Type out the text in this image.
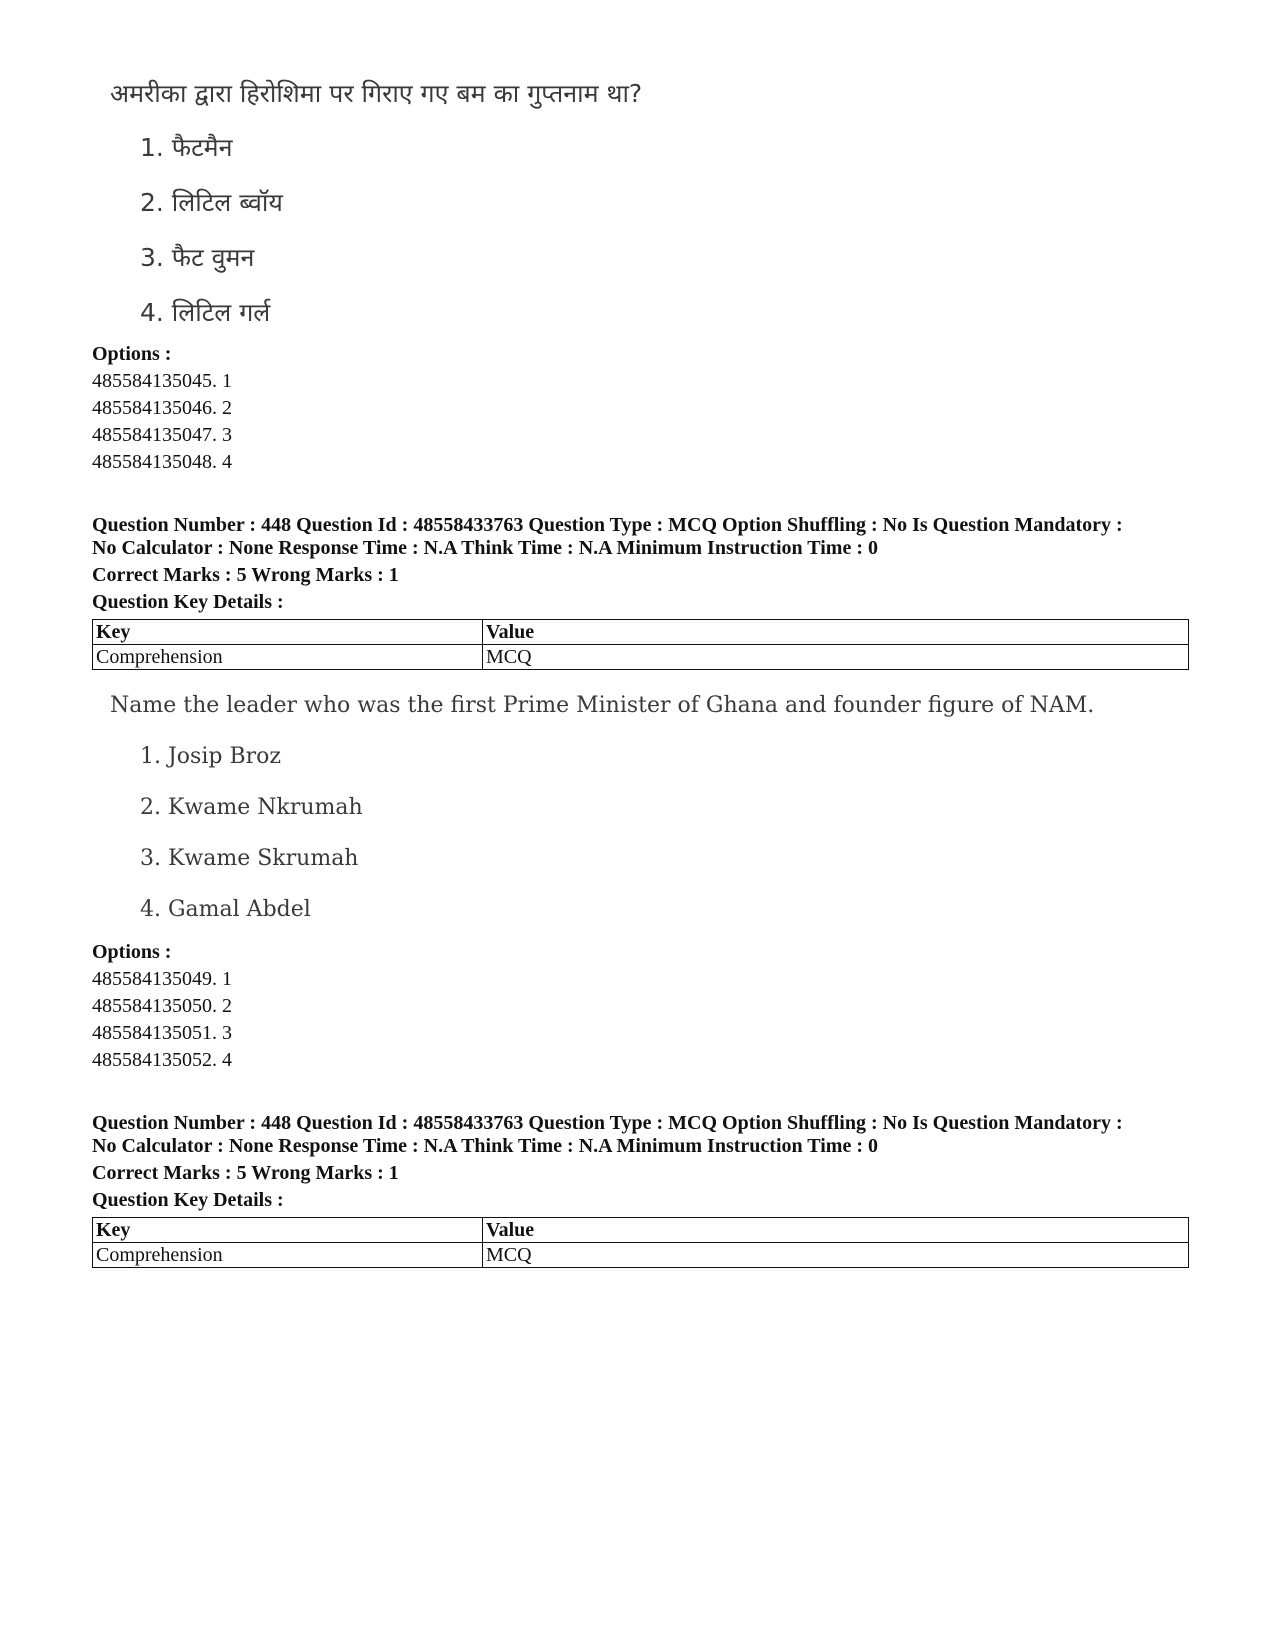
अमरीका द्वारा हिरोशिमा पर गिराए गए बम का गुप्तनाम था?
1. फैटमैन
2. लिटिल ब्वॉय
3. फैट वुमन
4. लिटिल गर्ल
Options :
485584135045. 1
485584135046. 2
485584135047. 3
485584135048. 4
Question Number : 448 Question Id : 48558433763 Question Type : MCQ Option Shuffling : No Is Question Mandatory :
No Calculator : None Response Time : N.A Think Time : N.A Minimum Instruction Time : 0
Correct Marks : 5 Wrong Marks : 1
Question Key Details :
Key	Value
Comprehension	MCQ
Name the leader who was the first Prime Minister of Ghana and founder figure of NAM.
1. Josip Broz
2. Kwame Nkrumah
3. Kwame Skrumah
4. Gamal Abdel
Options :
485584135049. 1
485584135050. 2
485584135051. 3
485584135052. 4
Question Number : 448 Question Id : 48558433763 Question Type : MCQ Option Shuffling : No Is Question Mandatory :
No Calculator : None Response Time : N.A Think Time : N.A Minimum Instruction Time : 0
Correct Marks : 5 Wrong Marks : 1
Question Key Details :
Key	Value
Comprehension	MCQ
